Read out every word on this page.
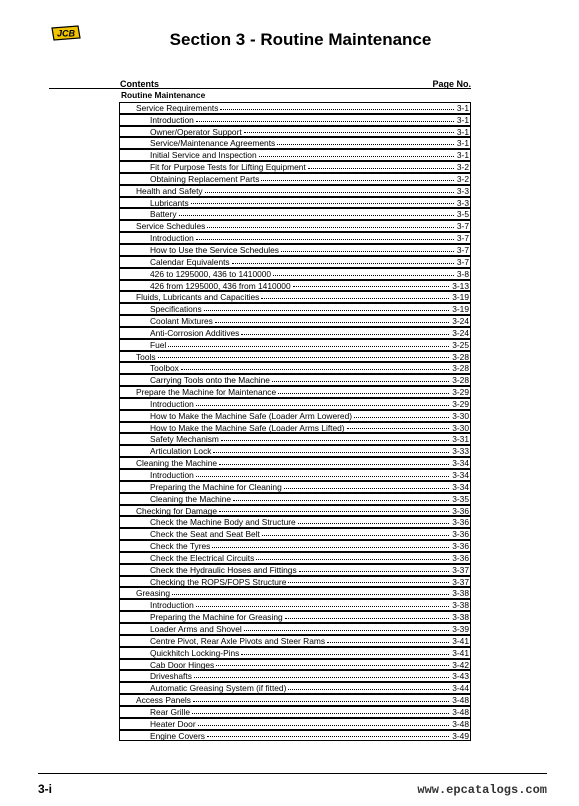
JCB	Section 3 - Routine Maintenance
Contents	Page No.
Routine Maintenance
Service Requirements	3-1
Introduction	3-1
Owner/Operator Support	3-1
Service/Maintenance Agreements	3-1
Initial Service and Inspection	3-1
Fit for Purpose Tests for Lifting Equipment	3-2
Obtaining Replacement Parts	3-2
Health and Safety	3-3
Lubricants	3-3
Battery	3-5
Service Schedules	3-7
Introduction	3-7
How to Use the Service Schedules	3-7
Calendar Equivalents	3-7
426 to 1295000, 436 to 1410000	3-8
426 from 1295000, 436 from 1410000	3-13
Fluids, Lubricants and Capacities	3-19
Specifications	3-19
Coolant Mixtures	3-24
Anti-Corrosion Additives	3-24
Fuel	3-25
Tools	3-28
Toolbox	3-28
Carrying Tools onto the Machine	3-28
Prepare the Machine for Maintenance	3-29
Introduction	3-29
How to Make the Machine Safe (Loader Arm Lowered)	3-30
How to Make the Machine Safe (Loader Arms Lifted)	3-30
Safety Mechanism	3-31
Articulation Lock	3-33
Cleaning the Machine	3-34
Introduction	3-34
Preparing the Machine for Cleaning	3-34
Cleaning the Machine	3-35
Checking for Damage	3-36
Check the Machine Body and Structure	3-36
Check the Seat and Seat Belt	3-36
Check the Tyres	3-36
Check the Electrical Circuits	3-36
Check the Hydraulic Hoses and Fittings	3-37
Checking the ROPS/FOPS Structure	3-37
Greasing	3-38
Introduction	3-38
Preparing the Machine for Greasing	3-38
Loader Arms and Shovel	3-39
Centre Pivot, Rear Axle Pivots and Steer Rams	3-41
Quickhitch Locking-Pins	3-41
Cab Door Hinges	3-42
Driveshafts	3-43
Automatic Greasing System (if fitted)	3-44
Access Panels	3-48
Rear Grille	3-48
Heater Door	3-48
Engine Covers	3-49
3-i	www.epcatalogs.com
